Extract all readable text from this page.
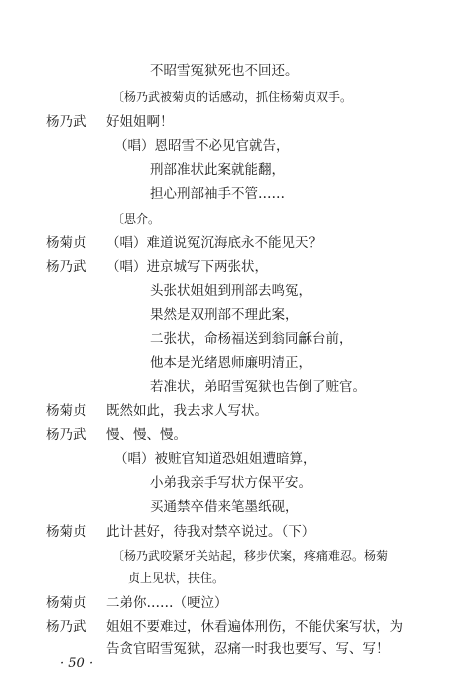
不昭雪冤狱死也不回还。
〔杨乃武被菊贞的话感动，抓住杨菊贞双手。
杨乃武 好姐姐啊！
（唱）恩昭雪不必见官就告，
刑部准状此案就能翻，
担心刑部袖手不管……
〔思介。
杨菊贞 （唱）难道说冤沉海底永不能见天？
杨乃武 （唱）进京城写下两张状，
头张状姐姐到刑部去鸣冤，
果然是双刑部不理此案，
二张状，命杨福送到翁同龢台前，
他本是光绪恩师廉明清正，
若准状，弟昭雪冤狱也告倒了赃官。
杨菊贞 既然如此，我去求人写状。
杨乃武 慢、慢、慢。
（唱）被赃官知道恐姐姐遭暗算，
小弟我亲手写状方保平安。
买通禁卒借来笔墨纸砚，
杨菊贞 此计甚好，待我对禁卒说过。（下）
〔杨乃武咬紧牙关站起，移步伏案，疼痛难忍。杨菊
贞上见状，扶住。
杨菊贞 二弟你……（哽泣）
杨乃武 姐姐不要难过，休看遍体刑伤，不能伏案写状，为
告贪官昭雪冤狱，忍痛一时我也要写、写、写！
· 50 ·
